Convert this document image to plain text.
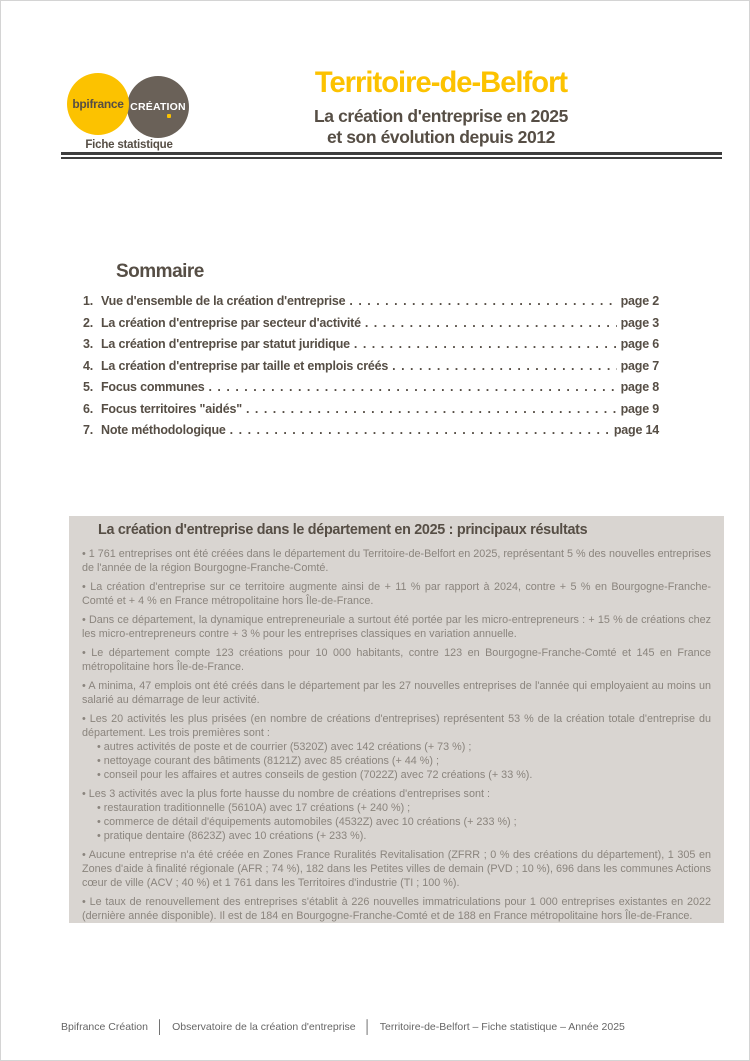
bpifrance CRÉATION
Fiche statistique
Territoire-de-Belfort
La création d'entreprise en 2025
et son évolution depuis 2012
Sommaire
1. Vue d'ensemble de la création d'entreprise . . .	page 2
2. La création d'entreprise par secteur d'activité . . .	page 3
3. La création d'entreprise par statut juridique . . .	page 6
4. La création d'entreprise par taille et emplois créés . . .	page 7
5. Focus communes . . .	page 8
6. Focus territoires "aidés" . . .	page 9
7. Note méthodologique . . .	page 14
La création d'entreprise dans le département en 2025 : principaux résultats

• 1 761 entreprises ont été créées dans le département du Territoire-de-Belfort en 2025, représentant 5 % des nouvelles entreprises de l'année de la région Bourgogne-Franche-Comté.

• La création d'entreprise sur ce territoire augmente ainsi de + 11 % par rapport à 2024, contre + 5 % en Bourgogne-Franche-Comté et + 4 % en France métropolitaine hors Île-de-France.

• Dans ce département, la dynamique entrepreneuriale a surtout été portée par les micro-entrepreneurs : + 15 % de créations chez les micro-entrepreneurs contre + 3 % pour les entreprises classiques en variation annuelle.

• Le département compte 123 créations pour 10 000 habitants, contre 123 en Bourgogne-Franche-Comté et 145 en France métropolitaine hors Île-de-France.

• A minima, 47 emplois ont été créés dans le département par les 27 nouvelles entreprises de l'année qui employaient au moins un salarié au démarrage de leur activité.

• Les 20 activités les plus prisées (en nombre de créations d'entreprises) représentent 53 % de la création totale d'entreprise du département. Les trois premières sont :

• autres activités de poste et de courrier (5320Z) avec 142 créations (+ 73 %) ;

• nettoyage courant des bâtiments (8121Z) avec 85 créations (+ 44 %) ;

• conseil pour les affaires et autres conseils de gestion (7022Z) avec 72 créations (+ 33 %).

• Les 3 activités avec la plus forte hausse du nombre de créations d'entreprises sont :

• restauration traditionnelle (5610A) avec 17 créations (+ 240 %) ;

• commerce de détail d'équipements automobiles (4532Z) avec 10 créations (+ 233 %) ;

• pratique dentaire (8623Z) avec 10 créations (+ 233 %).

• Aucune entreprise n'a été créée en Zones France Ruralités Revitalisation (ZFRR ; 0 % des créations du département), 1 305 en Zones d'aide à finalité régionale (AFR ; 74 %), 182 dans les Petites villes de demain (PVD ; 10 %), 696 dans les communes Actions cœur de ville (ACV ; 40 %) et 1 761 dans les Territoires d'industrie (TI ; 100 %).

• Le taux de renouvellement des entreprises s'établit à 226 nouvelles immatriculations pour 1 000 entreprises existantes en 2022 (dernière année disponible). Il est de 184 en Bourgogne-Franche-Comté et de 188 en France métropolitaine hors Île-de-France.

Bpifrance Création │ Observatoire de la création d'entreprise │ Territoire-de-Belfort – Fiche statistique – Année 2025
